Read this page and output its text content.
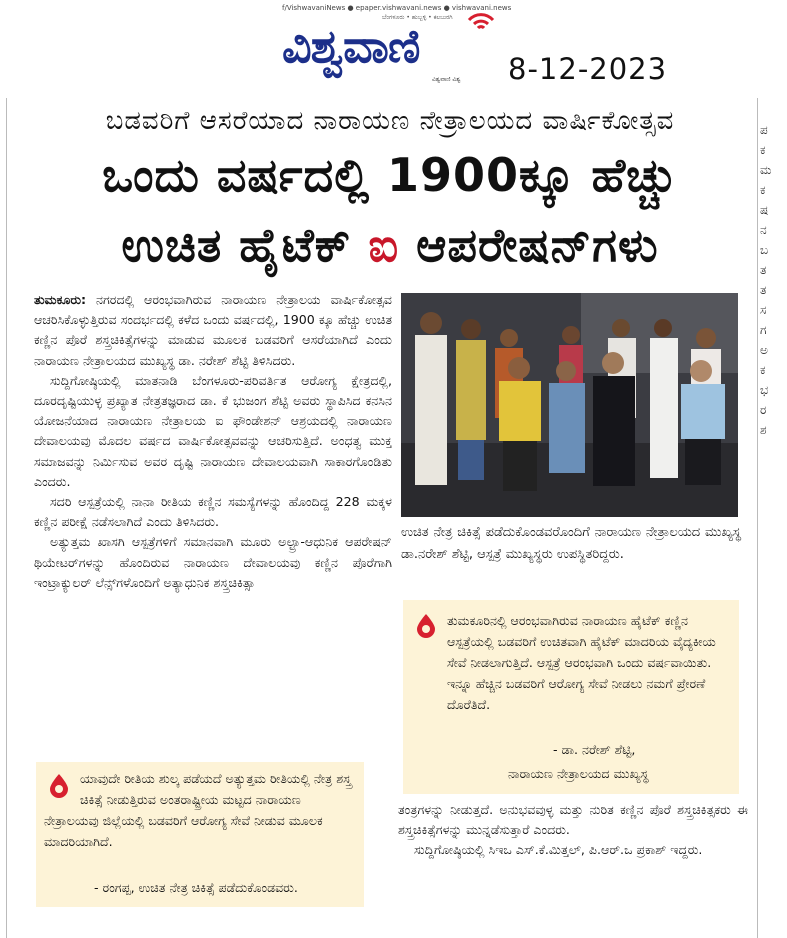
f/VishwavaniNews ● epaper.vishwavani.news ● vishwavani.news
ಬೆಂಗಳೂರು • ಹುಬ್ಬಳ್ಳಿ • ಕಲಬುರಗಿ
ವಿಶ್ವವಾಣಿ
ವಿಶ್ವವಾಣಿ ವಿಶ್ವ 8-12-2023
ಬಡವರಿಗೆ ಆಸರೆಯಾದ ನಾರಾಯಣ ನೇತ್ರಾಲಯದ ವಾರ್ಷಿಕೋತ್ಸವ
ಒಂದು ವರ್ಷದಲ್ಲಿ 1900ಕ್ಕೂ ಹೆಚ್ಚು
ಉಚಿತ ಹೈಟೆಕ್ ಐ ಆಪರೇಷನ್‌ಗಳು

ತುಮಕೂರು: ನಗರದಲ್ಲಿ ಆರಂಭವಾಗಿರುವ ನಾರಾಯಣ ನೇತ್ರಾಲಯ ವಾರ್ಷಿಕೋತ್ಸವ ಆಚರಿಸಿಕೊಳ್ಳುತ್ತಿರುವ ಸಂದರ್ಭದಲ್ಲಿ ಕಳೆದ ಒಂದು ವರ್ಷದಲ್ಲಿ, 1900 ಕ್ಕೂ ಹೆಚ್ಚು ಉಚಿತ ಕಣ್ಣಿನ ಪೊರೆ ಶಸ್ತ್ರಚಿಕಿತ್ಸೆಗಳನ್ನು ಮಾಡುವ ಮೂಲಕ ಬಡವರಿಗೆ ಆಸರೆಯಾಗಿದೆ ಎಂದು ನಾರಾಯಣ ನೇತ್ರಾಲಯದ ಮುಖ್ಯಸ್ಥ ಡಾ. ನರೇಶ್ ಶೆಟ್ಟಿ ತಿಳಿಸಿದರು.

ಸುದ್ದಿಗೋಷ್ಠಿಯಲ್ಲಿ ಮಾತನಾಡಿ ಬೆಂಗಳೂರು-ಪರಿವರ್ತಿತ ಆರೋಗ್ಯ ಕ್ಷೇತ್ರದಲ್ಲಿ, ದೂರದೃಷ್ಟಿಯುಳ್ಳ ಪ್ರಖ್ಯಾತ ನೇತ್ರತಜ್ಞರಾದ ಡಾ. ಕೆ ಭುಜಂಗ ಶೆಟ್ಟಿ ಅವರು ಸ್ಥಾಪಿಸಿದ ಕನಸಿನ ಯೋಜನೆಯಾದ ನಾರಾಯಣ ನೇತ್ರಾಲಯ ಐ ಫೌಂಡೇಶನ್ ಆಶ್ರಯದಲ್ಲಿ ನಾರಾಯಣ ದೇವಾಲಯವು ಮೊದಲ ವರ್ಷದ ವಾರ್ಷಿಕೋತ್ಸವವನ್ನು ಆಚರಿಸುತ್ತಿದೆ. ಅಂಧತ್ವ ಮುಕ್ತ ಸಮಾಜವನ್ನು ನಿರ್ಮಿಸುವ ಅವರ ದೃಷ್ಟಿ ನಾರಾಯಣ ದೇವಾಲಯವಾಗಿ ಸಾಕಾರಗೊಂಡಿತು ಎಂದರು.

ಸದರಿ ಆಸ್ಪತ್ರೆಯಲ್ಲಿ ನಾನಾ ರೀತಿಯ ಕಣ್ಣಿನ ಸಮಸ್ಯೆಗಳನ್ನು ಹೊಂದಿದ್ದ 228 ಮಕ್ಕಳ ಕಣ್ಣಿನ ಪರೀಕ್ಷೆ ನಡೆಸಲಾಗಿದೆ ಎಂದು ತಿಳಿಸಿದರು.

ಅತ್ಯುತ್ತಮ ಖಾಸಗಿ ಆಸ್ಪತ್ರೆಗಳಿಗೆ ಸಮಾನವಾಗಿ ಮೂರು ಅಲ್ಟ್ರಾ-ಆಧುನಿಕ ಆಪರೇಷನ್ ಥಿಯೇಟರ್‌ಗಳನ್ನು ಹೊಂದಿರುವ ನಾರಾಯಣ ದೇವಾಲಯವು ಕಣ್ಣಿನ ಪೊರೆಗಾಗಿ ಇಂಟ್ರಾಕ್ಯುಲರ್ ಲೆನ್ಸ್‌ಗಳೊಂದಿಗೆ ಅತ್ಯಾಧುನಿಕ ಶಸ್ತ್ರಚಿಕಿತ್ಸಾ

ಉಚಿತ ನೇತ್ರ ಚಿಕಿತ್ಸೆ ಪಡೆದುಕೊಂಡವರೊಂದಿಗೆ ನಾರಾಯಣ ನೇತ್ರಾಲಯದ ಮುಖ್ಯಸ್ಥ ಡಾ.ನರೇಶ್ ಶೆಟ್ಟಿ, ಆಸ್ಪತ್ರೆ ಮುಖ್ಯಸ್ಥರು ಉಪಸ್ಥಿತರಿದ್ದರು.
ತುಮಕೂರಿನಲ್ಲಿ ಆರಂಭವಾಗಿರುವ ನಾರಾಯಣ ಹೈಟೆಕ್ ಕಣ್ಣಿನ ಆಸ್ಪತ್ರೆಯಲ್ಲಿ ಬಡವರಿಗೆ ಉಚಿತವಾಗಿ ಹೈಟೆಕ್ ಮಾದರಿಯ ವೈದ್ಯಕೀಯ ಸೇವೆ ನೀಡಲಾಗುತ್ತಿದೆ. ಆಸ್ಪತ್ರೆ ಆರಂಭವಾಗಿ ಒಂದು ವರ್ಷವಾಯಿತು. ಇನ್ನೂ ಹೆಚ್ಚಿನ ಬಡವರಿಗೆ ಆರೋಗ್ಯ ಸೇವೆ ನೀಡಲು ನಮಗೆ ಪ್ರೇರಣೆ ದೊರೆತಿದೆ.
- ಡಾ. ನರೇಶ್ ಶೆಟ್ಟಿ,
ನಾರಾಯಣ ನೇತ್ರಾಲಯದ ಮುಖ್ಯಸ್ಥ

ತಂತ್ರಗಳನ್ನು ನೀಡುತ್ತದೆ. ಅನುಭವವುಳ್ಳ ಮತ್ತು ನುರಿತ ಕಣ್ಣಿನ ಪೊರೆ ಶಸ್ತ್ರಚಿಕಿತ್ಸಕರು ಈ ಶಸ್ತ್ರಚಿಕಿತ್ಸೆಗಳನ್ನು ಮುನ್ನಡೆಸುತ್ತಾರೆ ಎಂದರು.

ಸುದ್ದಿಗೋಷ್ಠಿಯಲ್ಲಿ ಸಿಇಒ ಎಸ್.ಕೆ.ಮಿತ್ತಲ್, ಪಿ.ಆರ್.ಒ ಪ್ರಕಾಶ್ ಇದ್ದರು.

ಯಾವುದೇ ರೀತಿಯ ಶುಲ್ಕ ಪಡೆಯದೆ ಅತ್ಯುತ್ತಮ ರೀತಿಯಲ್ಲಿ ನೇತ್ರ ಶಸ್ತ್ರ ಚಿಕಿತ್ಸೆ ನೀಡುತ್ತಿರುವ ಅಂತರಾಷ್ಟ್ರೀಯ ಮಟ್ಟದ ನಾರಾಯಣ
ನೇತ್ರಾಲಯವು ಜಿಲ್ಲೆಯಲ್ಲಿ ಬಡವರಿಗೆ ಆರೋಗ್ಯ ಸೇವೆ ನೀಡುವ ಮೂಲಕ ಮಾದರಿಯಾಗಿದೆ.
- ರಂಗಪ್ಪ, ಉಚಿತ ನೇತ್ರ ಚಿಕಿತ್ಸೆ ಪಡೆದುಕೊಂಡವರು.
ಪ
ಕ
ಮ
ಕ
ಷ
ನ
ಬ
ತ
ತ
ಸ
ಗ
ಅ
ಕ
ಭ
ರ
ಶ
